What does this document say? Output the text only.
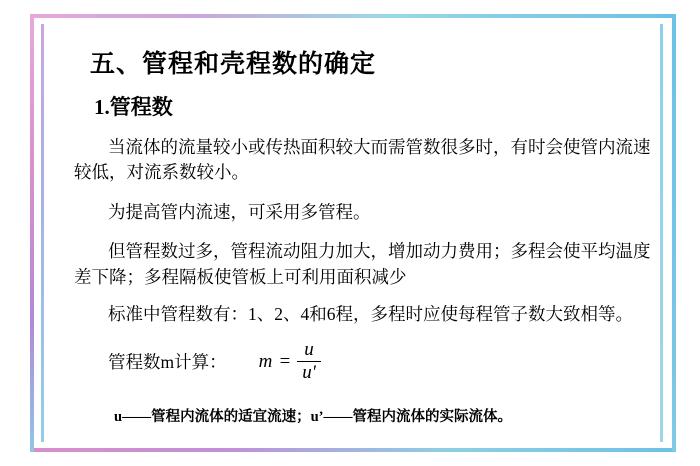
五、管程和壳程数的确定
1.管程数

当流体的流量较小或传热面积较大而需管数很多时，有时会使管内流速较低，对流系数较小。

为提高管内流速，可采用多管程。

但管程数过多，管程流动阻力加大，增加动力费用；多程会使平均温度差下降；多程隔板使管板上可利用面积减少

标准中管程数有：1、2、4和6程，多程时应使每程管子数大致相等。

管程数m计算： $m = \frac{u}{u'}$
u——管程内流体的适宜流速；u’——管程内流体的实际流体。
